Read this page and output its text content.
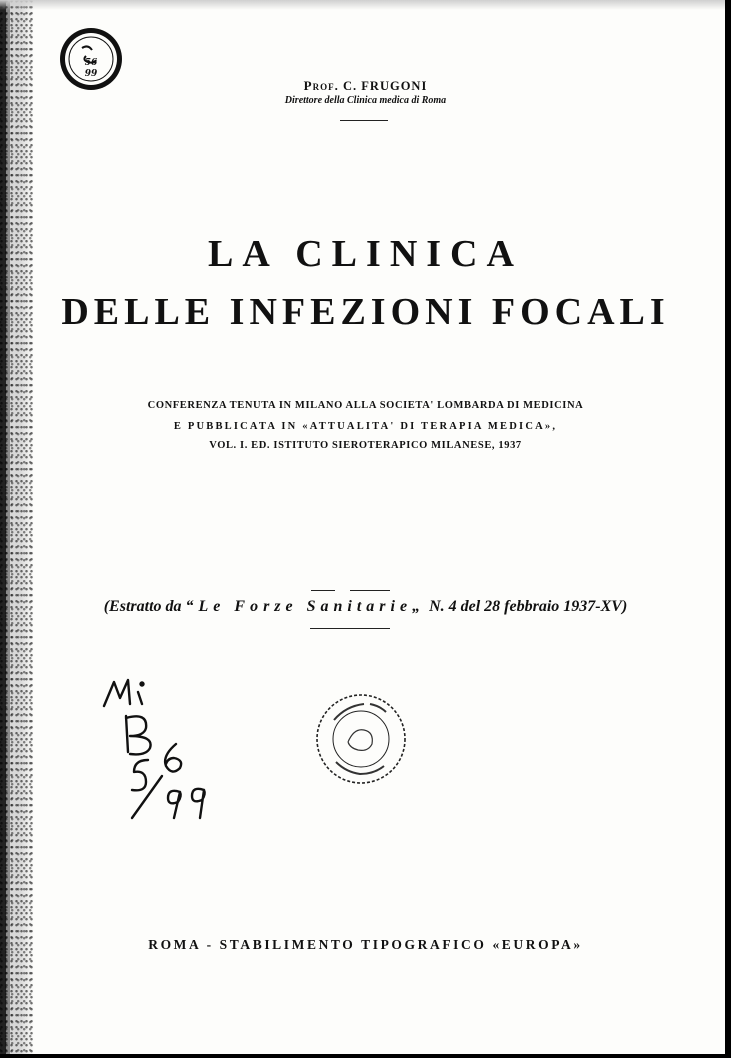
56
99
Prof. C. FRUGONI
Direttore della Clinica medica di Roma
LA CLINICA
DELLE INFEZIONI FOCALI
CONFERENZA TENUTA IN MILANO ALLA SOCIETA' LOMBARDA DI MEDICINA
E PUBBLICATA IN «ATTUALITA' DI TERAPIA MEDICA»,
VOL. I. ED. ISTITUTO SIEROTERAPICO MILANESE, 1937
(Estratto da “Le Forze Sanitarie„ N. 4 del 28 febbraio 1937-XV)
ROMA - STABILIMENTO TIPOGRAFICO «EUROPA»
